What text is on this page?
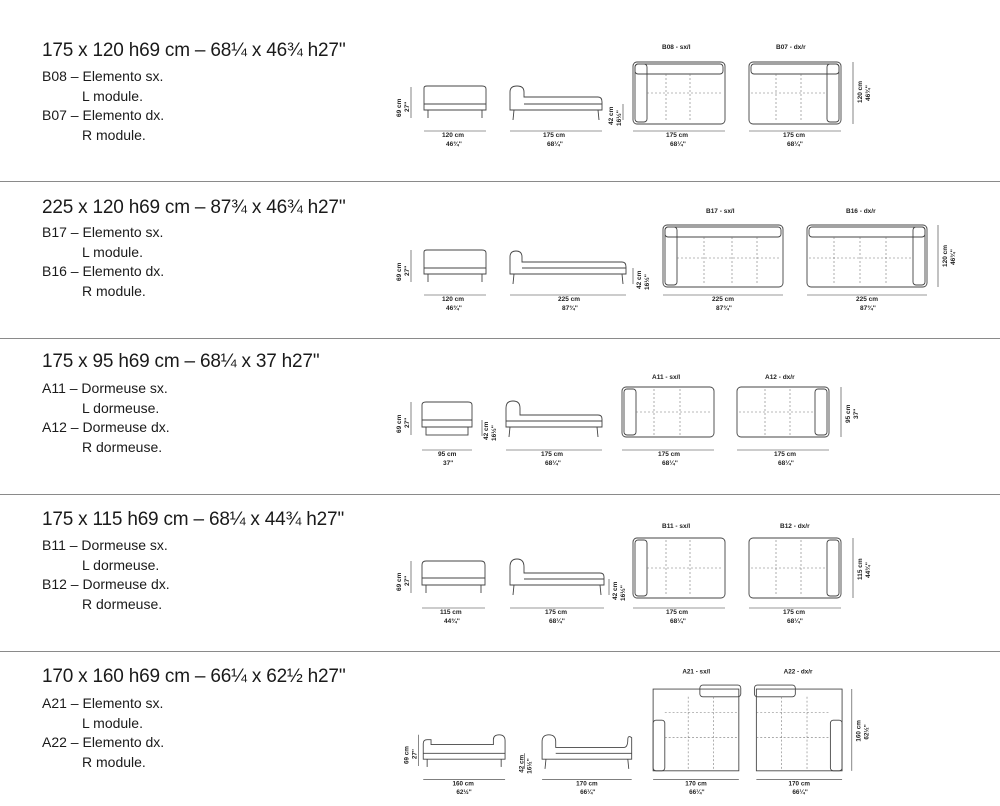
175 x 120 h69 cm – 68¼ x 46¾ h27''
B08 – Elemento sx.
L module.
B07 – Elemento dx.
R module.
69 cm 27''
120 cm
46¾''
175 cm
68¼''
42 cm 16½''
B08 - sx/l
175 cm
68¼''
B07 - dx/r
175 cm
68¼''
120 cm 46¾''
225 x 120 h69 cm – 87¾ x 46¾ h27''
B17 – Elemento sx.
L module.
B16 – Elemento dx.
R module.
69 cm 27''
120 cm
46¾''
225 cm
87¾''
42 cm 16½''
B17 - sx/l
225 cm
87¾''
B16 - dx/r
225 cm
87¾''
120 cm 46¾''
175 x 95 h69 cm – 68¼ x 37 h27''
A11 – Dormeuse sx.
L dormeuse.
A12 – Dormeuse dx.
R dormeuse.
69 cm 27''
95 cm
37''
42 cm 16½''
175 cm
68¼''
A11 - sx/l
175 cm
68¼''
A12 - dx/r
175 cm
68¼''
95 cm 37''
175 x 115 h69 cm – 68¼ x 44¾ h27''
B11 – Dormeuse sx.
L dormeuse.
B12 – Dormeuse dx.
R dormeuse.
69 cm 27''
115 cm
44¾''
175 cm
68¼''
42 cm 16½''
B11 - sx/l
175 cm
68¼''
B12 - dx/r
175 cm
68¼''
115 cm 44¾''
170 x 160 h69 cm – 66¼ x 62½ h27''
A21 – Elemento sx.
L module.
A22 – Elemento dx.
R module.	69 cm 27''
160 cm
62½''
42 cm 16½''
170 cm
66¼''
A21 - sx/l
170 cm
66¼''
A22 - dx/r
170 cm
66¼''
160 cm 62½''
